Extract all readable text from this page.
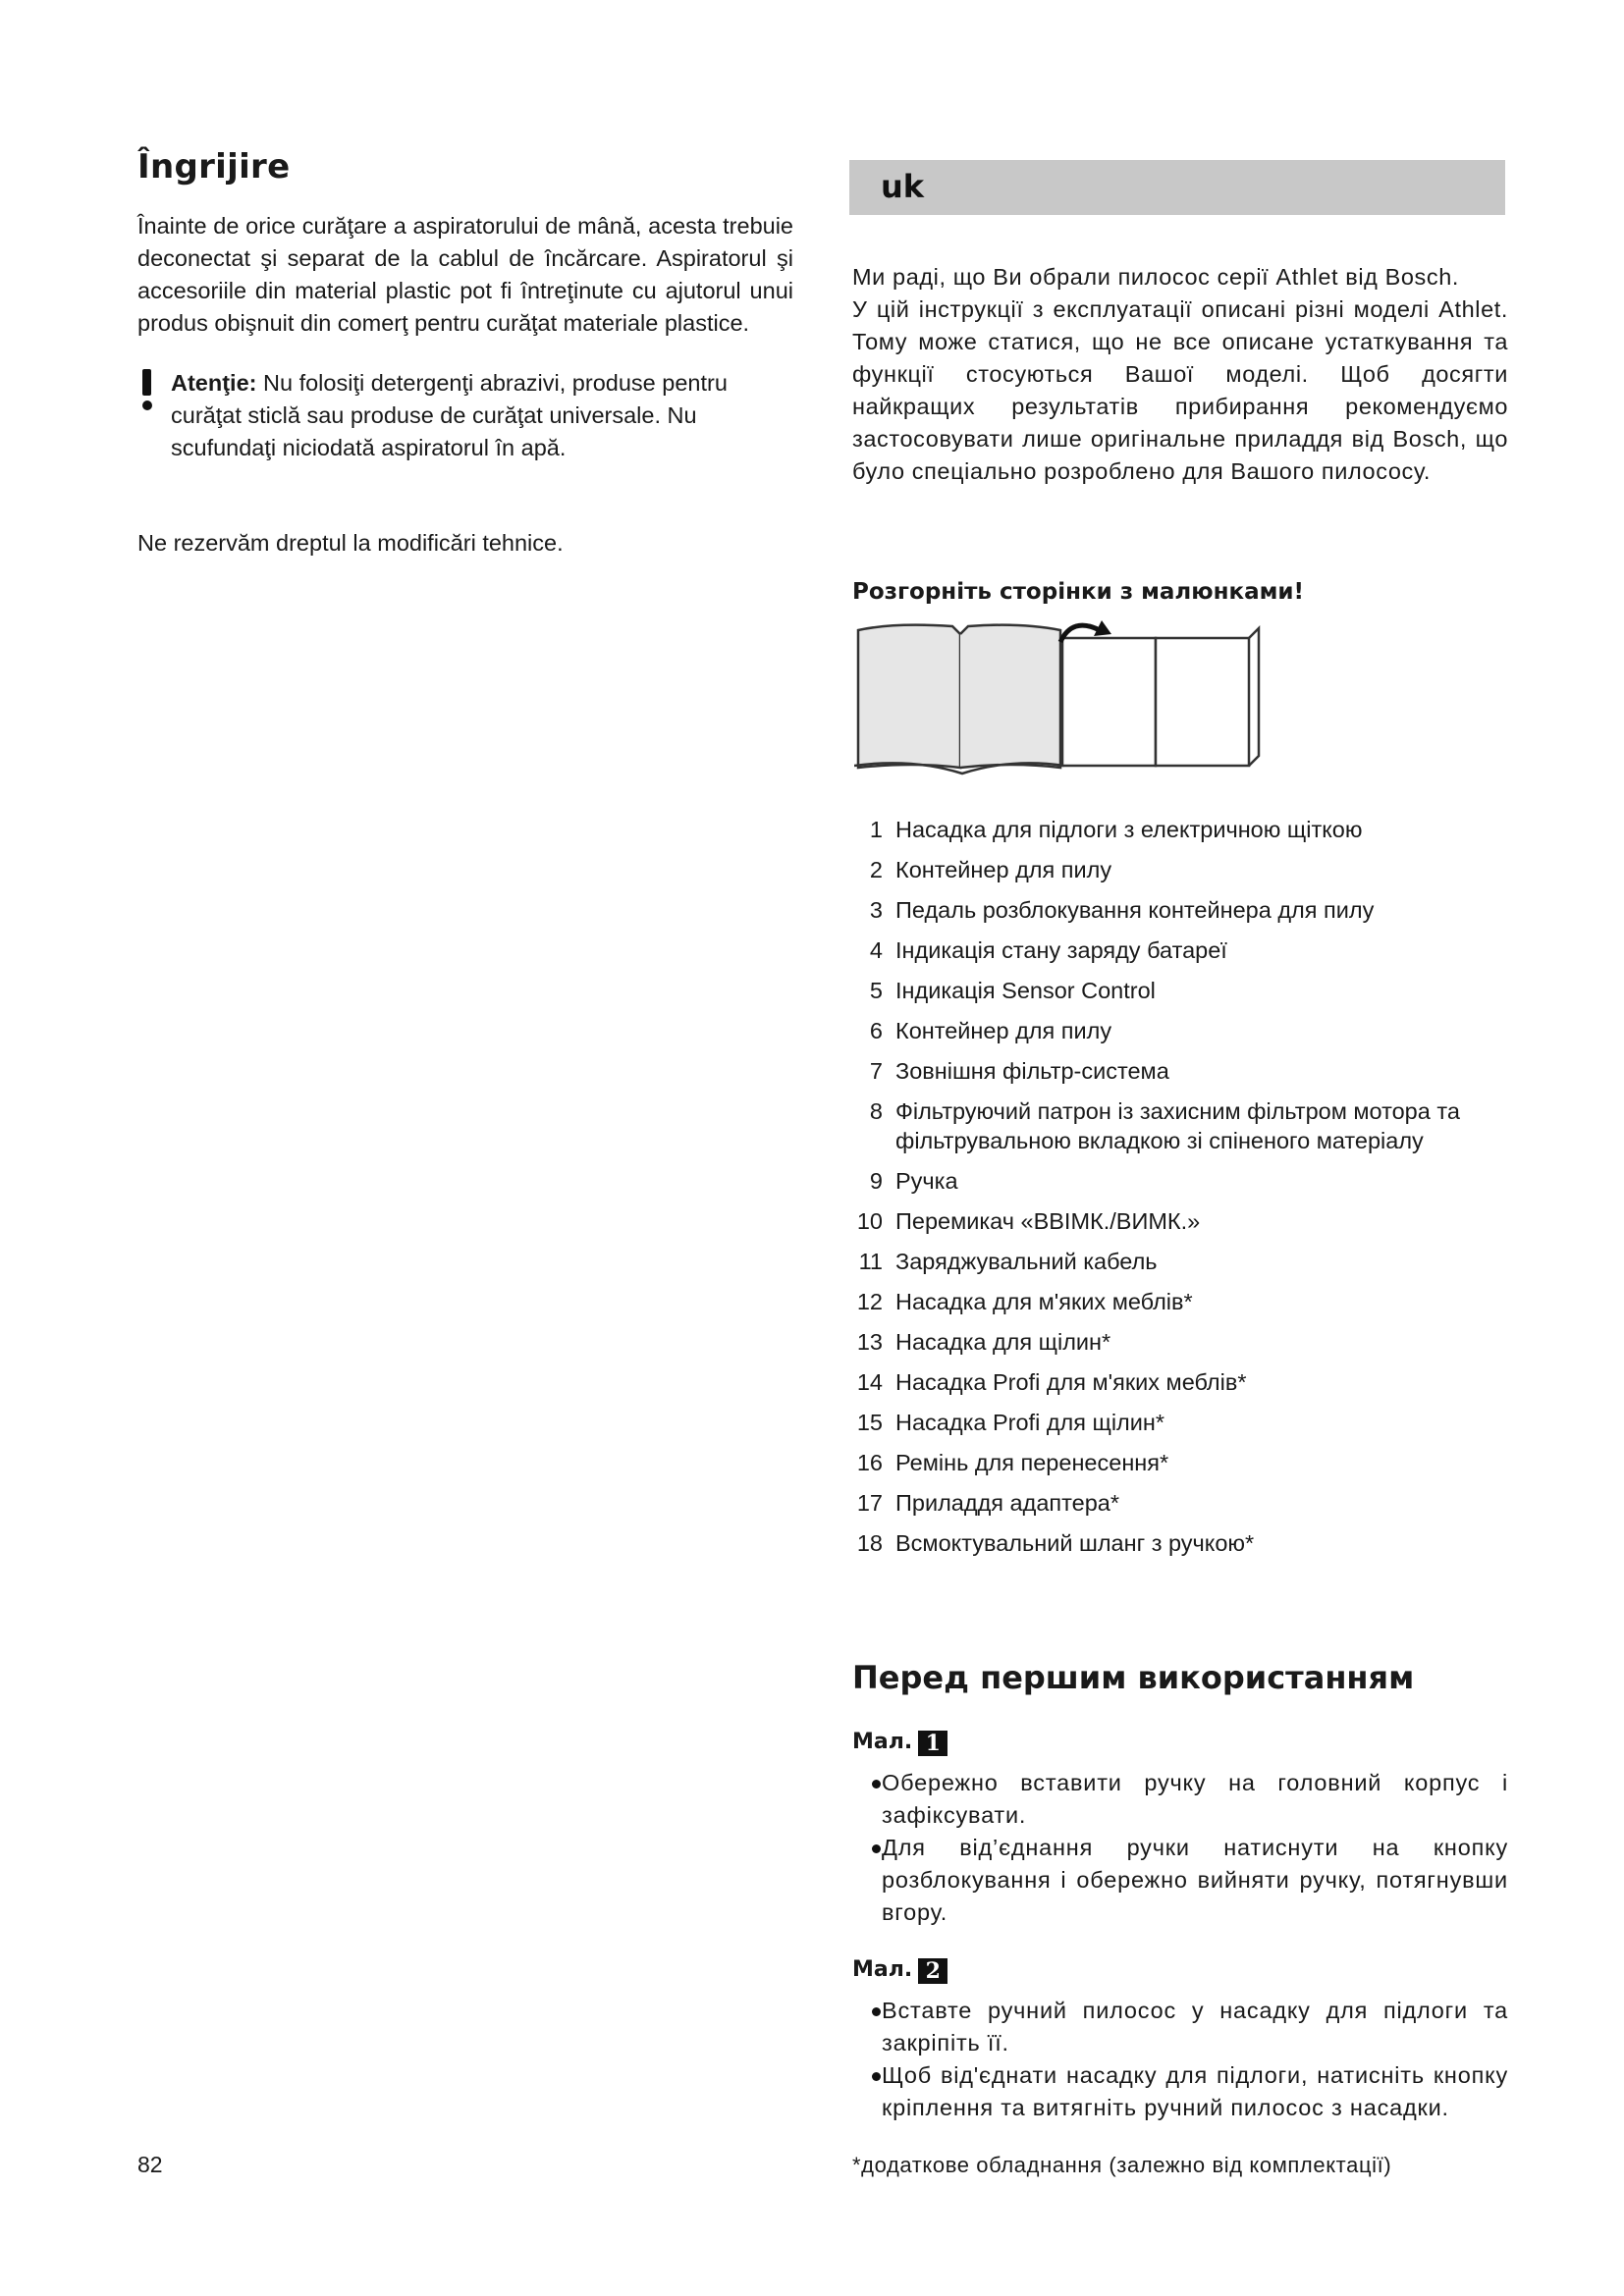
Îngrijire

Înainte de orice curăţare a aspiratorului de mână, acesta trebuie deconectat şi separat de la cablul de încărcare. Aspiratorul şi accesoriile din material plastic pot fi întreţinute cu ajutorul unui produs obişnuit din comerţ pentru curăţat materiale plastice.

Atenţie: Nu folosiţi detergenţi abrazivi, produse pentru curăţat sticlă sau produse de curăţat universale. Nu scufundaţi niciodată aspiratorul în apă.

Ne rezervăm dreptul la modificări tehnice.

uk

Ми раді, що Ви обрали пилосос серії Athlet від Bosch.

У цій інструкції з експлуатації описані різні моделі Athlet. Тому може статися, що не все описане устаткування та функції стосуються Вашої моделі. Щоб досягти найкращих результатів прибирання рекомендуємо застосовувати лише оригінальне приладдя від Bosch, що було спеціально розроблено для Вашого пилососу.

Розгорніть сторінки з малюнками!
1 Насадка для підлоги з електричною щіткою
2 Контейнер для пилу
3 Педаль розблокування контейнера для пилу
4 Індикація стану заряду батареї
5 Індикація Sensor Control
6 Контейнер для пилу
7 Зовнішня фільтр-система
8 Фільтруючий патрон із захисним фільтром мотора та фільтрувальною вкладкою зі спіненого матеріалу
9 Ручка
10 Перемикач «ВВІМК./ВИМК.»
11 Заряджувальний кабель
12 Насадка для м'яких меблів*
13 Насадка для щілин*
14 Насадка Profi для м'яких меблів*
15 Насадка Profi для щілин*
16 Ремінь для перенесення*
17 Приладдя адаптера*
18 Всмоктувальний шланг з ручкою*
Перед першим використанням
Мал. 1
Обережно вставити ручку на головний корпус і зафіксувати.
Для від’єднання ручки натиснути на кнопку розблокування і обережно вийняти ручку, потягнувши вгору.
Мал. 2
Вставте ручний пилосос у насадку для підлоги та закріпіть її.
Щоб від'єднати насадку для підлоги, натисніть кнопку кріплення та витягніть ручний пилосос з насадки.
*додаткове обладнання (залежно від комплектації)
82
